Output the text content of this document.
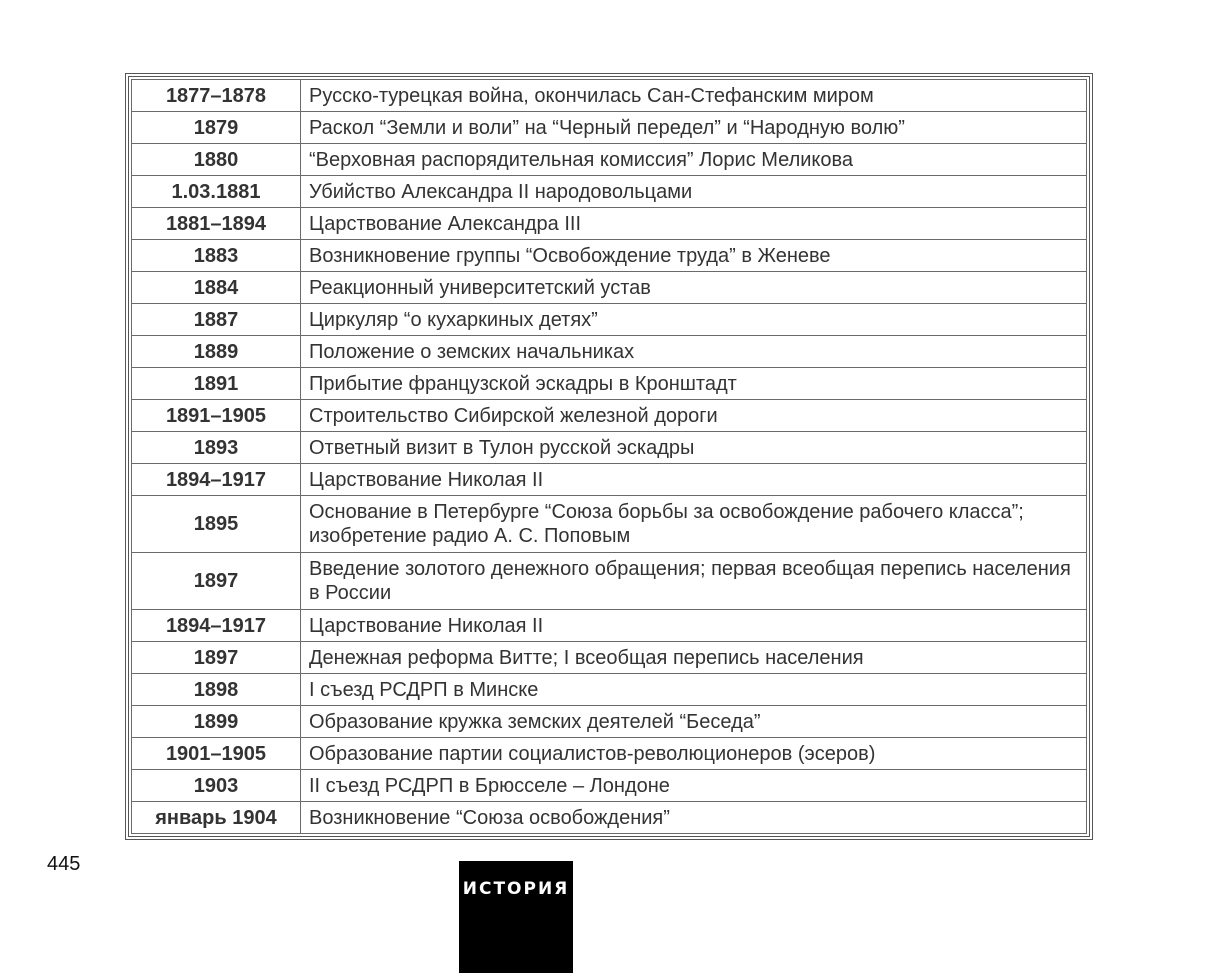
1877–1878	Русско-турецкая война, окончилась Сан-Стефанским миром
1879	Раскол “Земли и воли” на “Черный передел” и “Народную волю”
1880	“Верховная распорядительная комиссия” Лорис Меликова
1.03.1881	Убийство Александра II народовольцами
1881–1894	Царствование Александра III
1883	Возникновение группы “Освобождение труда” в Женеве
1884	Реакционный университетский устав
1887	Циркуляр “о кухаркиных детях”
1889	Положение о земских начальниках
1891	Прибытие французской эскадры в Кронштадт
1891–1905	Строительство Сибирской железной дороги
1893	Ответный визит в Тулон русской эскадры
1894–1917	Царствование Николая II
1895	Основание в Петербурге “Союза борьбы за освобождение рабочего класса”; изобретение радио А. С. Поповым
1897	Введение золотого денежного обращения; первая всеобщая перепись населения в России
1894–1917	Царствование Николая II
1897	Денежная реформа Витте; I всеобщая перепись населения
1898	I съезд РСДРП в Минске
1899	Образование кружка земских деятелей “Беседа”
1901–1905	Образование партии социалистов-революционеров (эсеров)
1903	II съезд РСДРП в Брюсселе – Лондоне
январь 1904	Возникновение “Союза освобождения”
445
ИСТОРИЯ
